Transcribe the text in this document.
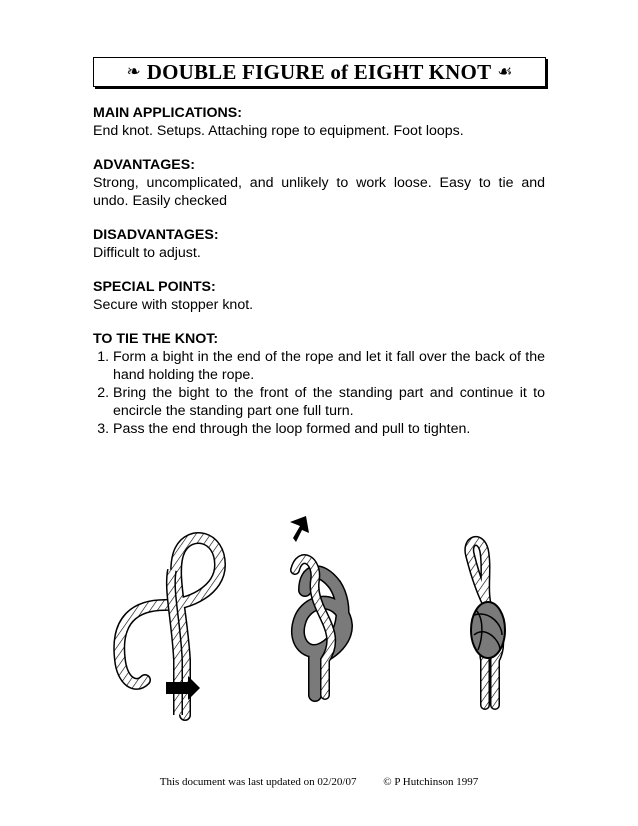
❧ DOUBLE FIGURE of EIGHT KNOT ☙
MAIN APPLICATIONS:
End knot. Setups. Attaching rope to equipment. Foot loops.
ADVANTAGES:
Strong, uncomplicated, and unlikely to work loose. Easy to tie and undo. Easily checked
DISADVANTAGES:
Difficult to adjust.
SPECIAL POINTS:
Secure with stopper knot.
TO TIE THE KNOT:
1. Form a bight in the end of the rope and let it fall over the back of the hand holding the rope.
2. Bring the bight to the front of the standing part and continue it to encircle the standing part one full turn.
3. Pass the end through the loop formed and pull to tighten.
This document was last updated on 02/20/07 © P Hutchinson 1997
